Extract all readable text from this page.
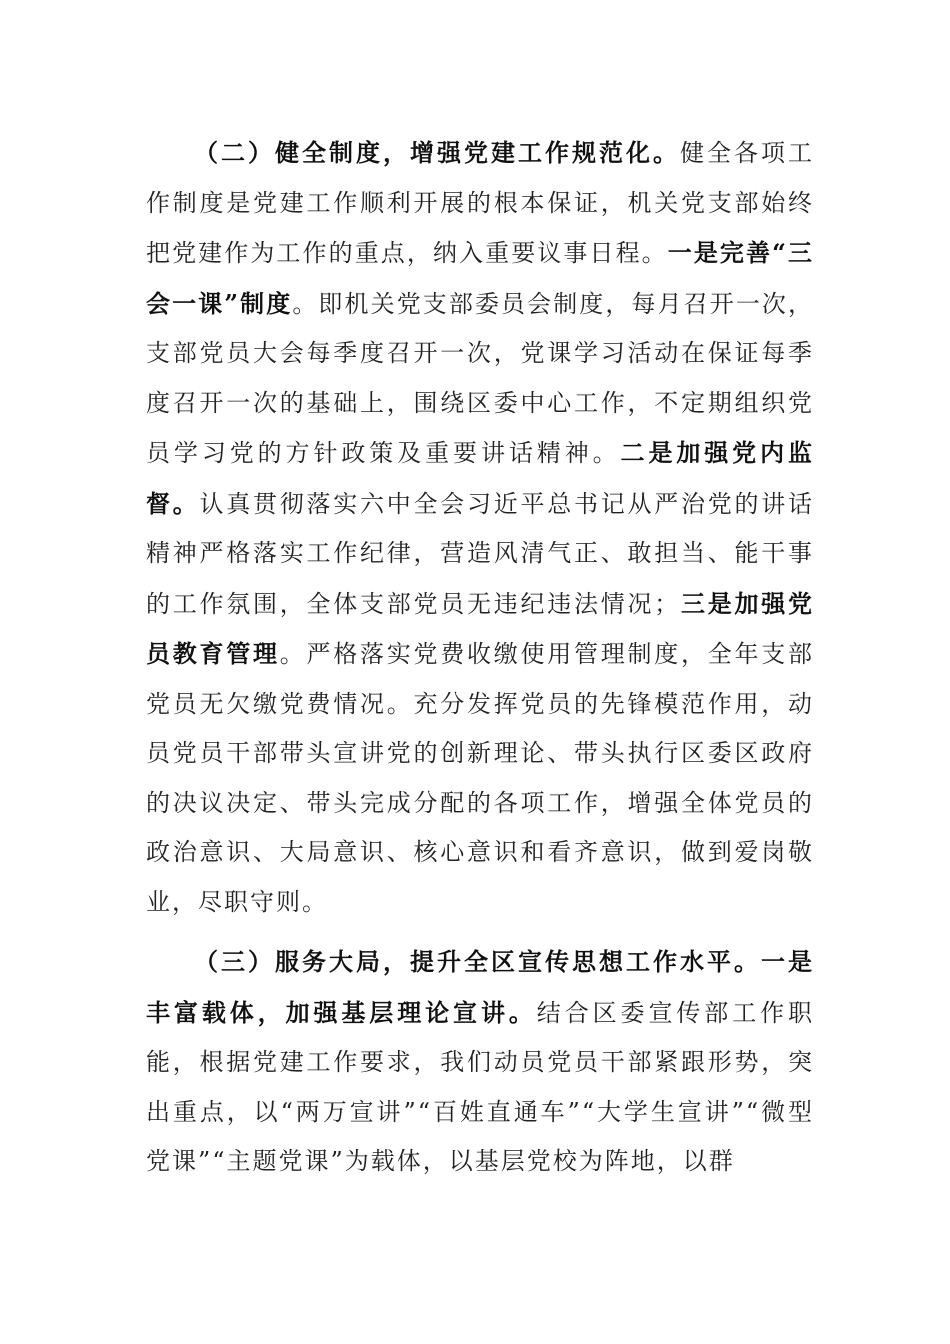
（二）健全制度，增强党建工作规范化。健全各项工作制度是党建工作顺利开展的根本保证，机关党支部始终把党建作为工作的重点，纳入重要议事日程。一是完善“三会一课”制度。即机关党支部委员会制度，每月召开一次，支部党员大会每季度召开一次，党课学习活动在保证每季度召开一次的基础上，围绕区委中心工作，不定期组织党员学习党的方针政策及重要讲话精神。二是加强党内监督。认真贯彻落实六中全会习近平总书记从严治党的讲话精神严格落实工作纪律，营造风清气正、敢担当、能干事的工作氛围，全体支部党员无违纪违法情况；三是加强党员教育管理。严格落实党费收缴使用管理制度，全年支部党员无欠缴党费情况。充分发挥党员的先锋模范作用，动员党员干部带头宣讲党的创新理论、带头执行区委区政府的决议决定、带头完成分配的各项工作，增强全体党员的政治意识、大局意识、核心意识和看齐意识，做到爱岗敬业，尽职守则。

（三）服务大局，提升全区宣传思想工作水平。一是丰富载体，加强基层理论宣讲。结合区委宣传部工作职能，根据党建工作要求，我们动员党员干部紧跟形势，突出重点，以“两万宣讲”“百姓直通车”“大学生宣讲”“微型党课”“主题党课”为载体，以基层党校为阵地，以群
